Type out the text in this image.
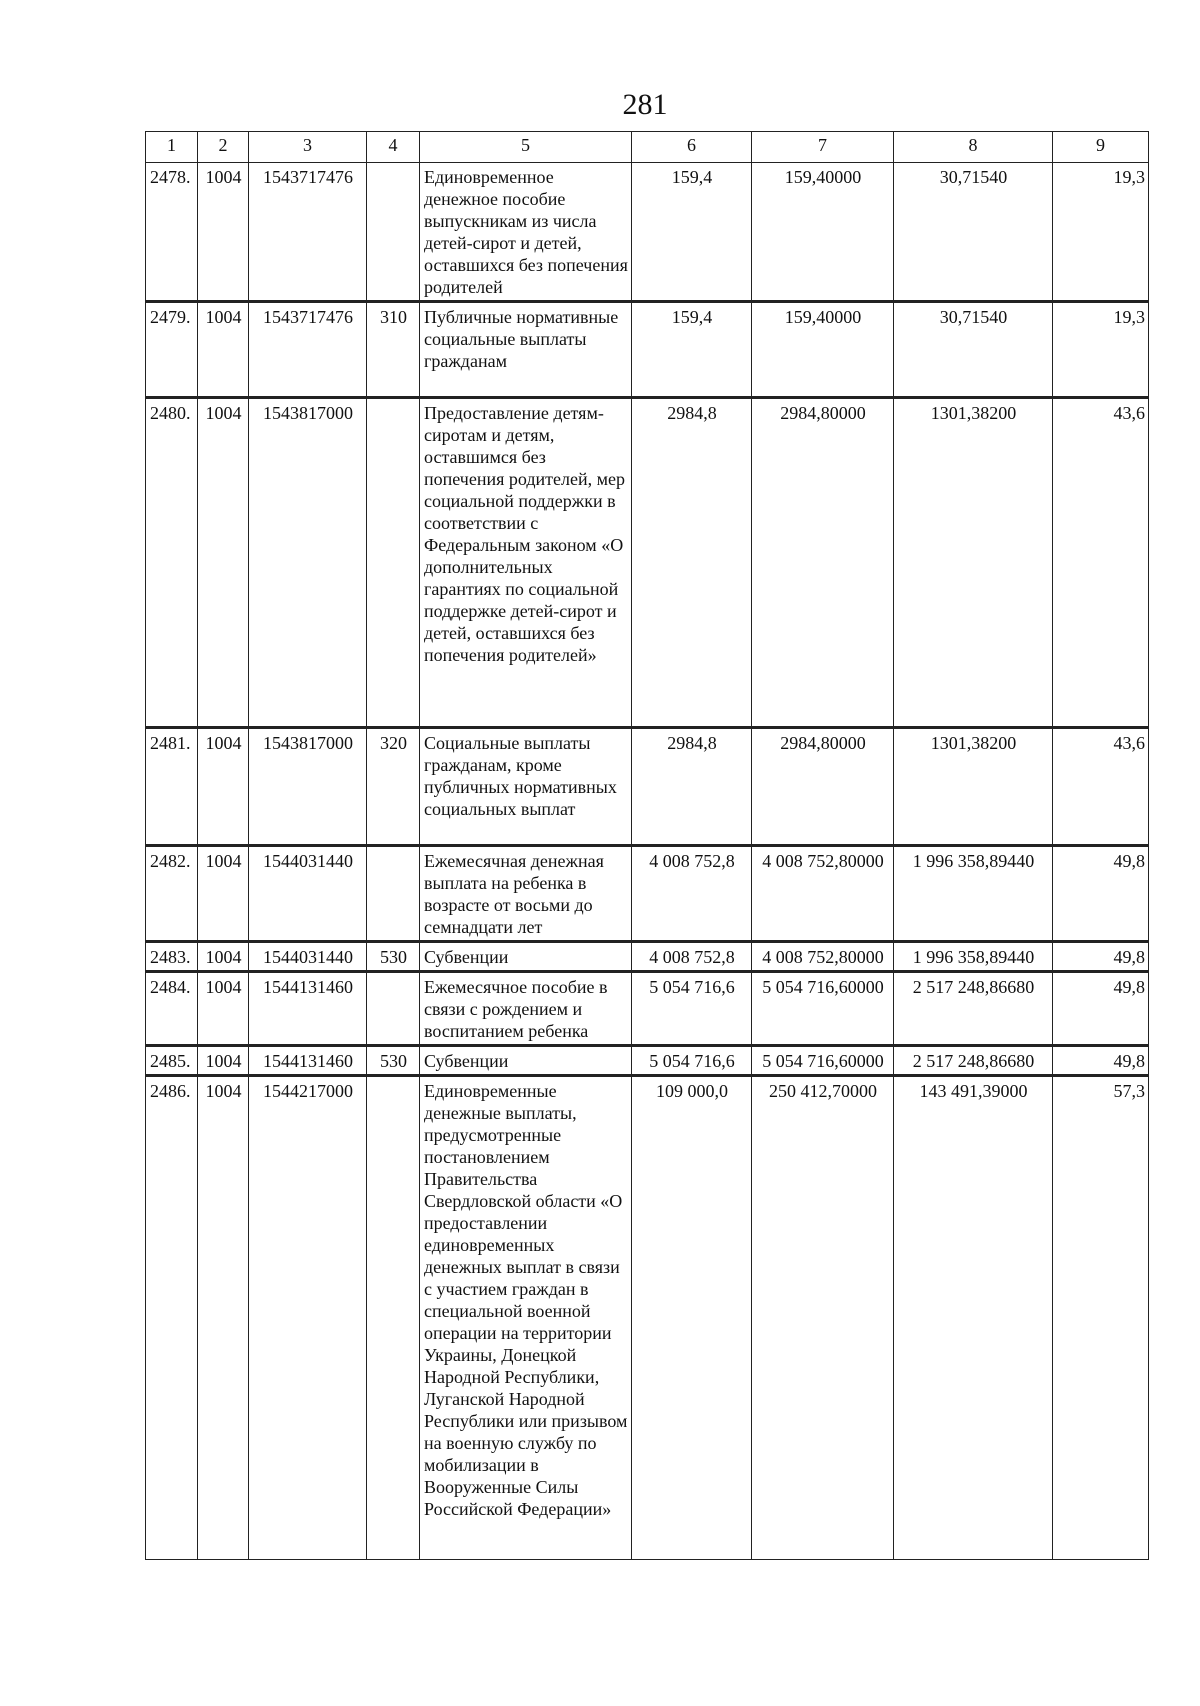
281
1	2	3	4	5	6	7	8	9
2478.	1004	1543717476		Единовременное денежное пособие выпускникам из числа детей-сирот и детей, оставшихся без попечения родителей	159,4	159,40000	30,71540	19,3
2479.	1004	1543717476	310	Публичные нормативные социальные выплаты гражданам	159,4	159,40000	30,71540	19,3
2480.	1004	1543817000		Предоставление детям-сиротам и детям, оставшимся без попечения родителей, мер социальной поддержки в соответствии с Федеральным законом «О дополнительных гарантиях по социальной поддержке детей-сирот и детей, оставшихся без попечения родителей»	2984,8	2984,80000	1301,38200	43,6
2481.	1004	1543817000	320	Социальные выплаты гражданам, кроме публичных нормативных социальных выплат	2984,8	2984,80000	1301,38200	43,6
2482.	1004	1544031440		Ежемесячная денежная выплата на ребенка в возрасте от восьми до семнадцати лет	4 008 752,8	4 008 752,80000	1 996 358,89440	49,8
2483.	1004	1544031440	530	Субвенции	4 008 752,8	4 008 752,80000	1 996 358,89440	49,8
2484.	1004	1544131460		Ежемесячное пособие в связи с рождением и воспитанием ребенка	5 054 716,6	5 054 716,60000	2 517 248,86680	49,8
2485.	1004	1544131460	530	Субвенции	5 054 716,6	5 054 716,60000	2 517 248,86680	49,8
2486.	1004	1544217000		Единовременные денежные выплаты, предусмотренные постановлением Правительства Свердловской области «О предоставлении единовременных денежных выплат в связи с участием граждан в специальной военной операции на территории Украины, Донецкой Народной Республики, Луганской Народной Республики или призывом на военную службу по мобилизации в Вооруженные Силы Российской Федерации»	109 000,0	250 412,70000	143 491,39000	57,3
